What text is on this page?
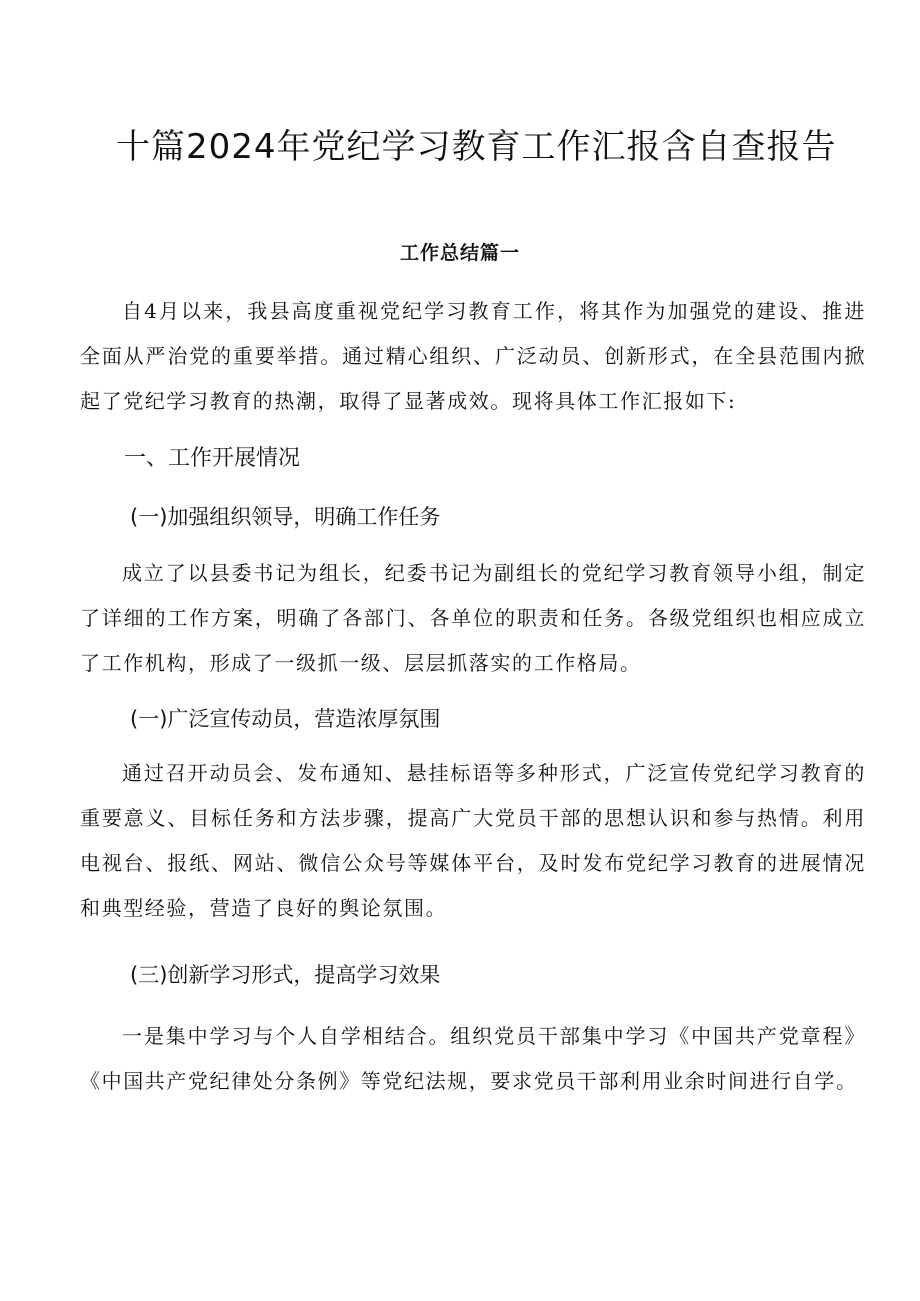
十篇2024年党纪学习教育工作汇报含自查报告
工作总结篇一
自4月以来，我县高度重视党纪学习教育工作，将其作为加强党的建设、推进全面从严治党的重要举措。通过精心组织、广泛动员、创新形式，在全县范围内掀起了党纪学习教育的热潮，取得了显著成效。现将具体工作汇报如下:
一、工作开展情况
(一)加强组织领导，明确工作任务
成立了以县委书记为组长，纪委书记为副组长的党纪学习教育领导小组，制定了详细的工作方案，明确了各部门、各单位的职责和任务。各级党组织也相应成立了工作机构，形成了一级抓一级、层层抓落实的工作格局。
(一)广泛宣传动员，营造浓厚氛围
通过召开动员会、发布通知、悬挂标语等多种形式，广泛宣传党纪学习教育的重要意义、目标任务和方法步骤，提高广大党员干部的思想认识和参与热情。利用电视台、报纸、网站、微信公众号等媒体平台，及时发布党纪学习教育的进展情况和典型经验，营造了良好的舆论氛围。
(三)创新学习形式，提高学习效果
一是集中学习与个人自学相结合。组织党员干部集中学习《中国共产党章程》《中国共产党纪律处分条例》等党纪法规，要求党员干部利用业余时间进行自学。
